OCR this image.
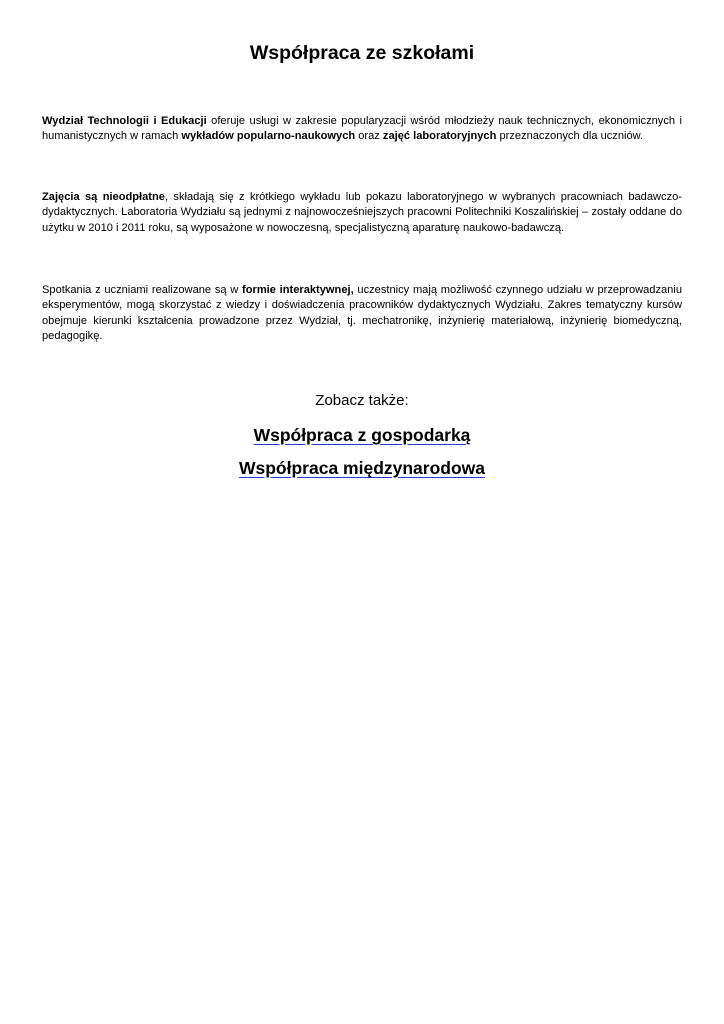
Współpraca ze szkołami

Wydział Technologii i Edukacji oferuje usługi w zakresie popularyzacji wśród młodzieży nauk technicznych, ekonomicznych i humanistycznych w ramach wykładów popularno-naukowych oraz zajęć laboratoryjnych przeznaczonych dla uczniów.

Zajęcia są nieodpłatne, składają się z krótkiego wykładu lub pokazu laboratoryjnego w wybranych pracowniach badawczo-dydaktycznych. Laboratoria Wydziału są jednymi z najnowocześniejszych pracowni Politechniki Koszalińskiej – zostały oddane do użytku w 2010 i 2011 roku, są wyposażone w nowoczesną, specjalistyczną aparaturę naukowo-badawczą.

Spotkania z uczniami realizowane są w formie interaktywnej, uczestnicy mają możliwość czynnego udziału w przeprowadzaniu eksperymentów, mogą skorzystać z wiedzy i doświadczenia pracowników dydaktycznych Wydziału. Zakres tematyczny kursów obejmuje kierunki kształcenia prowadzone przez Wydział, tj. mechatronikę, inżynierię materiałową, inżynierię biomedyczną, pedagogikę.

Zobacz także:
Współpraca z gospodarką
Współpraca międzynarodowa
